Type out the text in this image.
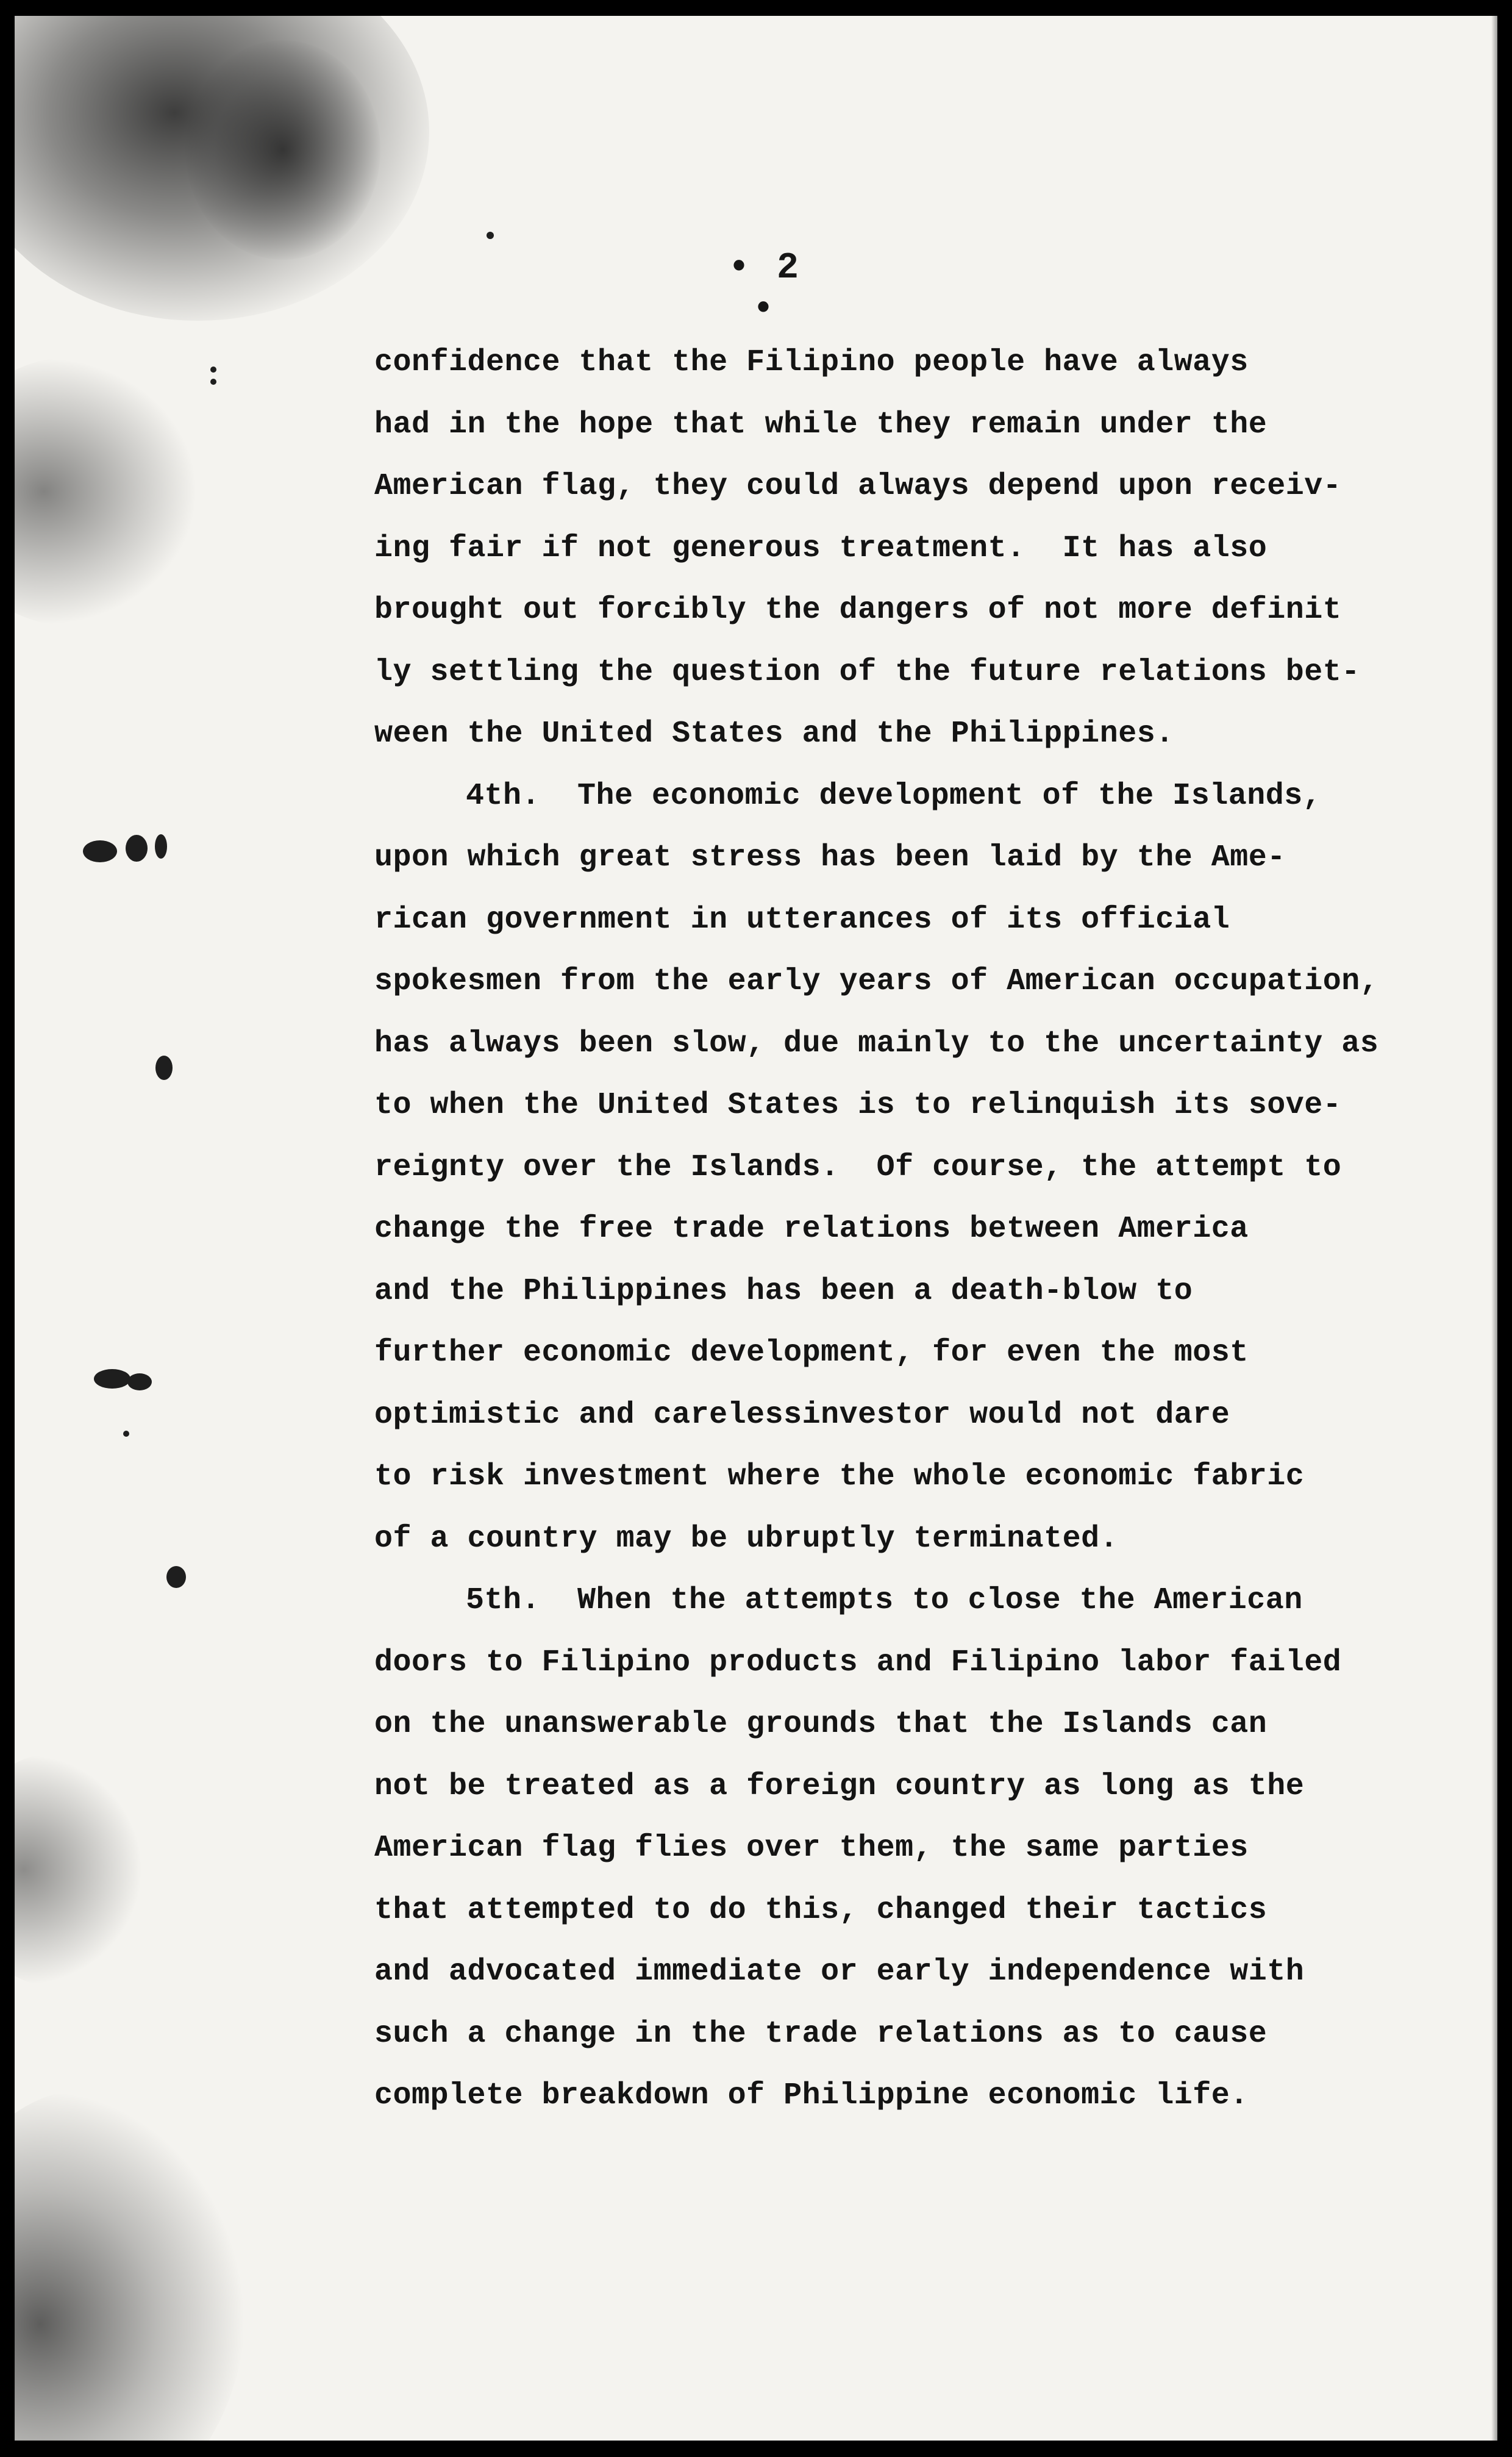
• 2 •
confidence that the Filipino people have always
had in the hope that while they remain under the
American flag, they could always depend upon receiv-
ing fair if not generous treatment.  It has also
brought out forcibly the dangers of not more definit
ly settling the question of the future relations bet-
ween the United States and the Philippines.
4th.  The economic development of the Islands,
upon which great stress has been laid by the Ame-
rican government in utterances of its official
spokesmen from the early years of American occupation,
has always been slow, due mainly to the uncertainty as
to when the United States is to relinquish its sove-
reignty over the Islands.  Of course, the attempt to
change the free trade relations between America
and the Philippines has been a death-blow to
further economic development, for even the most
optimistic and carelessinvestor would not dare
to risk investment where the whole economic fabric
of a country may be ubruptly terminated.
5th.  When the attempts to close the American
doors to Filipino products and Filipino labor failed
on the unanswerable grounds that the Islands can
not be treated as a foreign country as long as the
American flag flies over them, the same parties
that attempted to do this, changed their tactics
and advocated immediate or early independence with
such a change in the trade relations as to cause
complete breakdown of Philippine economic life.
